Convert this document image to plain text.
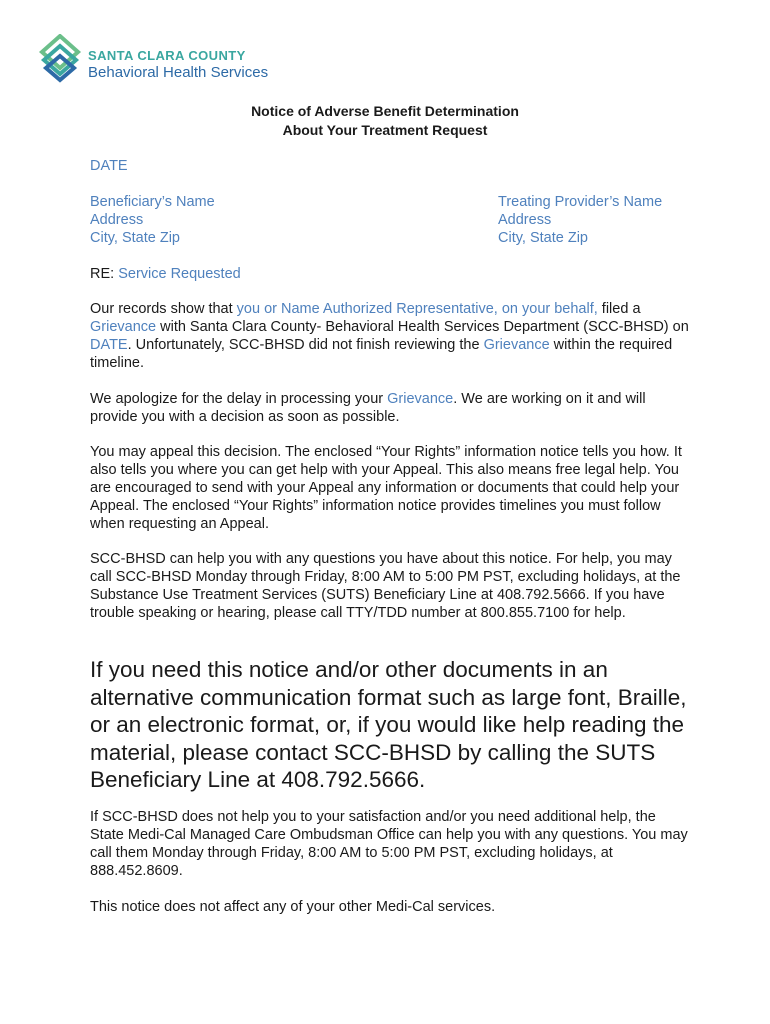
SANTA CLARA COUNTY
Behavioral Health Services
Notice of Adverse Benefit Determination
About Your Treatment Request
DATE
Beneficiary’s Name
Address
City, State Zip
Treating Provider’s Name
Address
City, State Zip
RE: Service Requested
Our records show that you or Name Authorized Representative, on your behalf, filed a Grievance with Santa Clara County- Behavioral Health Services Department (SCC-BHSD) on DATE. Unfortunately, SCC-BHSD did not finish reviewing the Grievance within the required timeline.
We apologize for the delay in processing your Grievance. We are working on it and will provide you with a decision as soon as possible.
You may appeal this decision. The enclosed “Your Rights” information notice tells you how. It also tells you where you can get help with your Appeal. This also means free legal help. You are encouraged to send with your Appeal any information or documents that could help your Appeal. The enclosed “Your Rights” information notice provides timelines you must follow when requesting an Appeal.
SCC-BHSD can help you with any questions you have about this notice. For help, you may call SCC-BHSD Monday through Friday, 8:00 AM to 5:00 PM PST, excluding holidays, at the Substance Use Treatment Services (SUTS) Beneficiary Line at 408.792.5666. If you have trouble speaking or hearing, please call TTY/TDD number at 800.855.7100 for help.
If you need this notice and/or other documents in an alternative communication format such as large font, Braille, or an electronic format, or, if you would like help reading the material, please contact SCC-BHSD by calling the SUTS Beneficiary Line at 408.792.5666.
If SCC-BHSD does not help you to your satisfaction and/or you need additional help, the State Medi-Cal Managed Care Ombudsman Office can help you with any questions. You may call them Monday through Friday, 8:00 AM to 5:00 PM PST, excluding holidays, at 888.452.8609.
This notice does not affect any of your other Medi-Cal services.
